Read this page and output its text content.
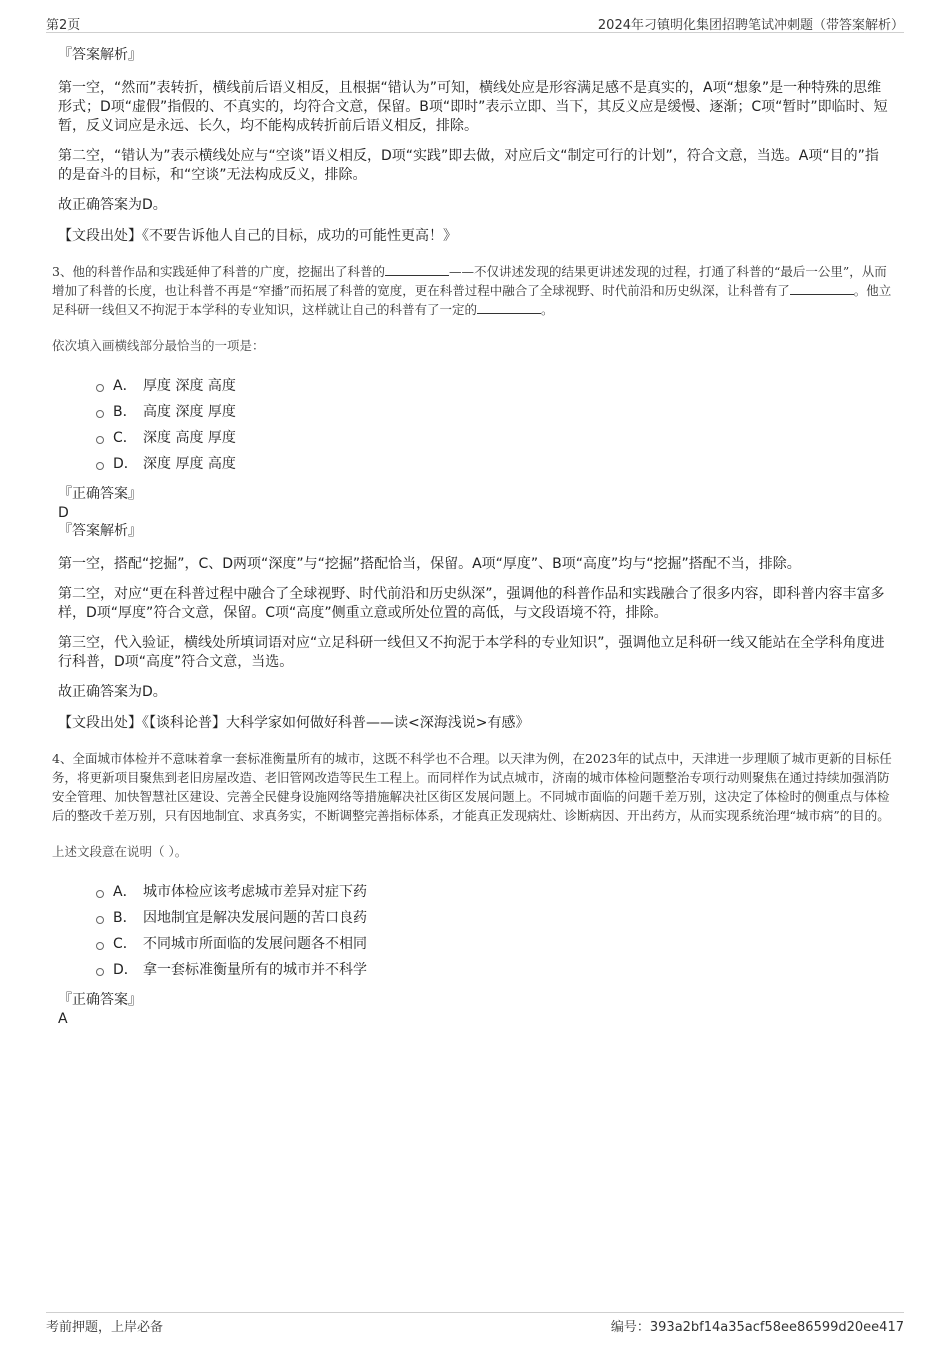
第2页	2024年刁镇明化集团招聘笔试冲刺题（带答案解析）
『答案解析』

第一空，“然而”表转折，横线前后语义相反，且根据“错认为”可知，横线处应是形容满足感不是真实的，A项“想象”是一种特殊的思维形式；D项“虚假”指假的、不真实的，均符合文意，保留。B项“即时”表示立即、当下，其反义应是缓慢、逐渐；C项“暂时”即临时、短暂，反义词应是永远、长久，均不能构成转折前后语义相反，排除。

第二空，“错认为”表示横线处应与“空谈”语义相反，D项“实践”即去做，对应后文“制定可行的计划”，符合文意，当选。A项“目的”指的是奋斗的目标，和“空谈”无法构成反义，排除。

故正确答案为D。

【文段出处】《不要告诉他人自己的目标，成功的可能性更高！》

3、他的科普作品和实践延伸了科普的广度，挖掘出了科普的	——不仅讲述发现的结果更讲述发现的过程，打通了科普的“最后一公里”，从而增加了科普的长度，也让科普不再是“窄播”而拓展了科普的宽度，更在科普过程中融合了全球视野、时代前沿和历史纵深，让科普有了	。他立足科研一线但又不拘泥于本学科的专业知识，这样就让自己的科普有了一定的	。

依次填入画横线部分最恰当的一项是：

A． 厚度 深度 高度
B． 高度 深度 厚度
C． 深度 高度 厚度
D． 深度 厚度 高度
『正确答案』
D
『答案解析』

第一空，搭配“挖掘”，C、D两项“深度”与“挖掘”搭配恰当，保留。A项“厚度”、B项“高度”均与“挖掘”搭配不当，排除。

第二空，对应“更在科普过程中融合了全球视野、时代前沿和历史纵深”，强调他的科普作品和实践融合了很多内容，即科普内容丰富多样，D项“厚度”符合文意，保留。C项“高度”侧重立意或所处位置的高低，与文段语境不符，排除。

第三空，代入验证，横线处所填词语对应“立足科研一线但又不拘泥于本学科的专业知识”，强调他立足科研一线又能站在全学科角度进行科普，D项“高度”符合文意，当选。

故正确答案为D。

【文段出处】《【谈科论普】大科学家如何做好科普——读<深海浅说>有感》

4、全面城市体检并不意味着拿一套标准衡量所有的城市，这既不科学也不合理。以天津为例，在2023年的试点中，天津进一步理顺了城市更新的目标任务，将更新项目聚焦到老旧房屋改造、老旧管网改造等民生工程上。而同样作为试点城市，济南的城市体检问题整治专项行动则聚焦在通过持续加强消防安全管理、加快智慧社区建设、完善全民健身设施网络等措施解决社区街区发展问题上。不同城市面临的问题千差万别，这决定了体检时的侧重点与体检后的整改千差万别，只有因地制宜、求真务实，不断调整完善指标体系，才能真正发现病灶、诊断病因、开出药方，从而实现系统治理“城市病”的目的。

上述文段意在说明（ ）。

A． 城市体检应该考虑城市差异对症下药
B． 因地制宜是解决发展问题的苦口良药
C． 不同城市所面临的发展问题各不相同
D． 拿一套标准衡量所有的城市并不科学
『正确答案』
A
考前押题，上岸必备	编号：393a2bf14a35acf58ee86599d20ee417
